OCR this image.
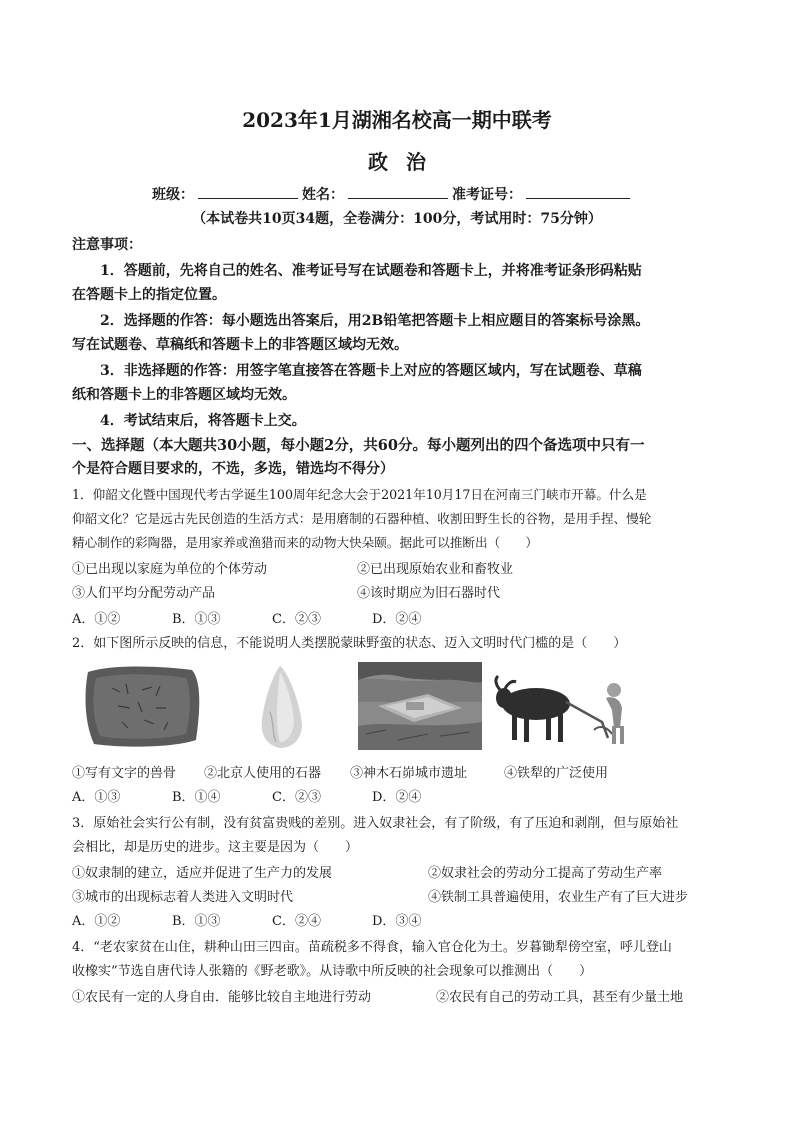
2023年1月湖湘名校高一期中联考
政治
班级：	姓名：	准考证号：
（本试卷共10页34题，全卷满分：100分，考试用时：75分钟）
注意事项：
1．答题前，先将自己的姓名、准考证号写在试题卷和答题卡上，并将准考证条形码粘贴
在答题卡上的指定位置。
2．选择题的作答：每小题选出答案后，用2B铅笔把答题卡上相应题目的答案标号涂黑。
写在试题卷、草稿纸和答题卡上的非答题区域均无效。
3．非选择题的作答：用签字笔直接答在答题卡上对应的答题区域内，写在试题卷、草稿
纸和答题卡上的非答题区域均无效。
4．考试结束后，将答题卡上交。
一、选择题（本大题共30小题，每小题2分，共60分。每小题列出的四个备选项中只有一
个是符合题目要求的，不选，多选，错选均不得分）
1．仰韶文化暨中国现代考古学诞生100周年纪念大会于2021年10月17日在河南三门峡市开幕。什么是
仰韶文化？它是远古先民创造的生活方式：是用磨制的石器种植、收割田野生长的谷物，是用手捏、慢轮
精心制作的彩陶器，是用家养或渔猎而来的动物大快朵颐。据此可以推断出（　　）
①已出现以家庭为单位的个体劳动	②已出现原始农业和畜牧业
③人们平均分配劳动产品	④该时期应为旧石器时代
A．①②	B．①③	C．②③	D．②④
2．如下图所示反映的信息，不能说明人类摆脱蒙昧野蛮的状态、迈入文明时代门槛的是（　　）
①写有文字的兽骨 ②北京人使用的石器 ③神木石峁城市遗址	④铁犁的广泛使用
A．①③	B．①④	C．②③	D．②④
3．原始社会实行公有制，没有贫富贵贱的差别。进入奴隶社会，有了阶级，有了压迫和剥削，但与原始社
会相比，却是历史的进步。这主要是因为（　　）
①奴隶制的建立，适应并促进了生产力的发展	②奴隶社会的劳动分工提高了劳动生产率
③城市的出现标志着人类进入文明时代	④铁制工具普遍使用，农业生产有了巨大进步
A．①②	B．①③	C．②④	D．③④
4．“老农家贫在山住，耕种山田三四亩。苗疏税多不得食，输入官仓化为土。岁暮锄犁傍空室，呼儿登山
收橡实”节选自唐代诗人张籍的《野老歌》。从诗歌中所反映的社会现象可以推测出（　　）
①农民有一定的人身自由．能够比较自主地进行劳动	②农民有自己的劳动工具，甚至有少量土地
